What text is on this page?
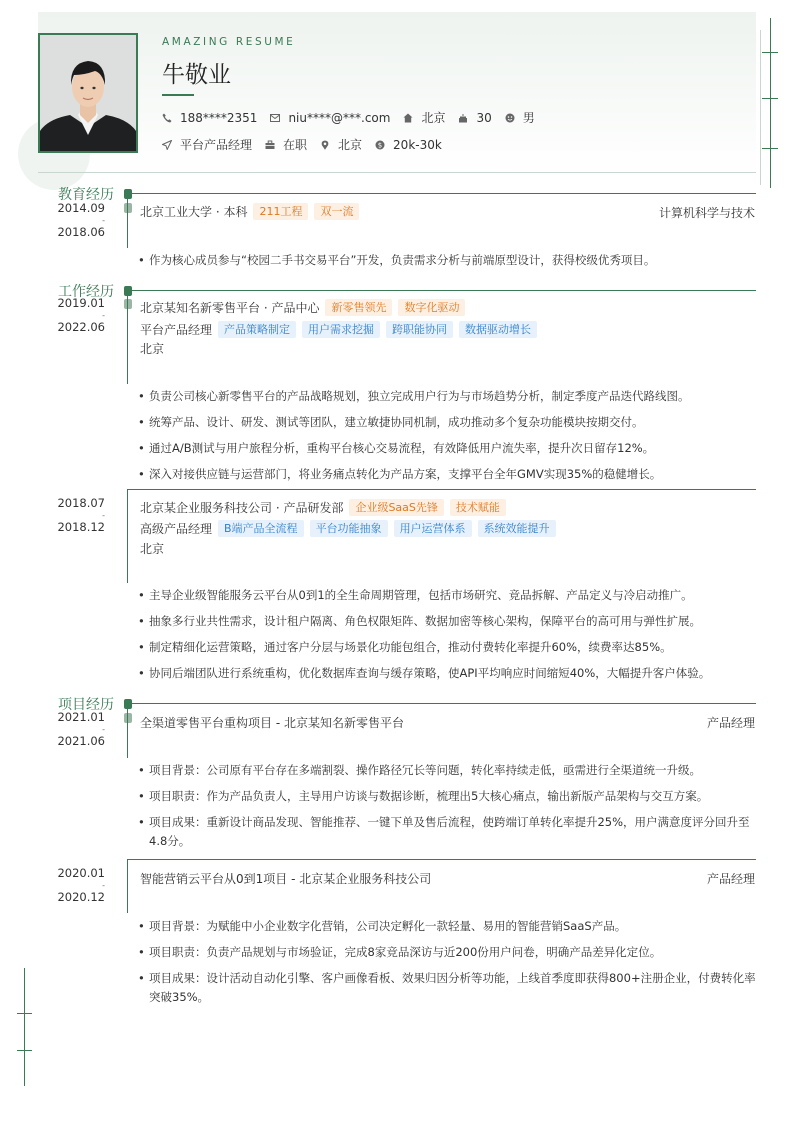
AMAZING RESUME
牛敬业
188****2351	niu****@***.com	北京	30	男
平台产品经理	在职	北京 $ 20k-30k
教育经历
2014.09
-
2018.06
北京工业大学 · 本科	211工程	双一流	计算机科学与技术
• 作为核心成员参与“校园二手书交易平台”开发，负责需求分析与前端原型设计，获得校级优秀项目。
工作经历
2019.01
-
2022.06
北京某知名新零售平台 · 产品中心	新零售领先	数字化驱动
平台产品经理	产品策略制定	用户需求挖掘	跨职能协同	数据驱动增长
北京
• 负责公司核心新零售平台的产品战略规划，独立完成用户行为与市场趋势分析，制定季度产品迭代路线图。
• 统筹产品、设计、研发、测试等团队，建立敏捷协同机制，成功推动多个复杂功能模块按期交付。
• 通过A/B测试与用户旅程分析，重构平台核心交易流程，有效降低用户流失率，提升次日留存12%。
• 深入对接供应链与运营部门，将业务痛点转化为产品方案，支撑平台全年GMV实现35%的稳健增长。
2018.07
-
2018.12
北京某企业服务科技公司 · 产品研发部	企业级SaaS先锋	技术赋能
高级产品经理	B端产品全流程	平台功能抽象	用户运营体系	系统效能提升
北京
• 主导企业级智能服务云平台从0到1的全生命周期管理，包括市场研究、竞品拆解、产品定义与冷启动推广。
• 抽象多行业共性需求，设计租户隔离、角色权限矩阵、数据加密等核心架构，保障平台的高可用与弹性扩展。
• 制定精细化运营策略，通过客户分层与场景化功能包组合，推动付费转化率提升60%，续费率达85%。
• 协同后端团队进行系统重构，优化数据库查询与缓存策略，使API平均响应时间缩短40%，大幅提升客户体验。
项目经历
2021.01
-
2021.06
全渠道零售平台重构项目 - 北京某知名新零售平台	产品经理
• 项目背景：公司原有平台存在多端割裂、操作路径冗长等问题，转化率持续走低，亟需进行全渠道统一升级。
• 项目职责：作为产品负责人，主导用户访谈与数据诊断，梳理出5大核心痛点，输出新版产品架构与交互方案。
• 项目成果：重新设计商品发现、智能推荐、一键下单及售后流程，使跨端订单转化率提升25%，用户满意度评分回升至4.8分。
2020.01
-
2020.12
智能营销云平台从0到1项目 - 北京某企业服务科技公司	产品经理
• 项目背景：为赋能中小企业数字化营销，公司决定孵化一款轻量、易用的智能营销SaaS产品。
• 项目职责：负责产品规划与市场验证，完成8家竞品深访与近200份用户问卷，明确产品差异化定位。
• 项目成果：设计活动自动化引擎、客户画像看板、效果归因分析等功能，上线首季度即获得800+注册企业，付费转化率突破35%。
